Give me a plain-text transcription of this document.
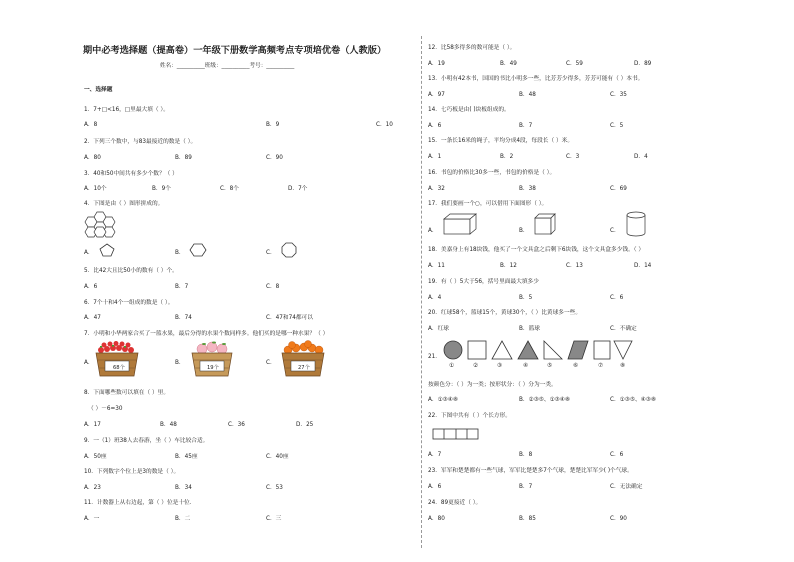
期中必考选择题（提高卷）一年级下册数学高频考点专项培优卷（人教版）
姓名：__________班级：__________考号：__________
一、选择题
1．7+□<16，□里最大填（ ）。
A．8	B．9	C．10
2．下列三个数中，与83最接近的数是（ ）。
A．80	B．89	C．90
3．40和50中间共有多少个数？（ ）
A．10个	B．9个	C．8个	D．7个
4．下图是由（ ）图形拼成的。
A．	B．	C．
5．比42大且比50小的数有（ ）个。
A．6	B．7	C．8
6．7个十和4个一组成的数是（ ）。
A．47	B．74	C．47和74都可以
7．小明和小华两家合买了一篮水果，最后分得的水果个数同样多。他们买的是哪一种水果？（ ）
A．
68个
B．
19个
C．
27个
8．下面哪些数可以填在（ ）里。
（ ）－6=30
A．17	B．48	C．36	D．25
9．一（1）班38人去春游，坐（ ）车比较合适。
A．50座	B．45座	C．40座
10．下列数字个位上是3的数是（ ）。
A．23	B．34	C．53
11．计数器上从右边起，第（ ）位是十位．
A．一	B．二	C．三
12．比58多得多的数可能是（ ）。
A．19	B．49	C．59	D．89
13．小明有42本书，国国的书比小明多一些，比芳芳少得多，芳芳可能有（ ）本书。
A．97	B．48	C．35
14．七巧板是由( )块板组成的。
A．6	B．7	C．5
15．一条长16米的绳子，平均分成4段，每段长（ ）米。
A．1	B．2	C．3	D．4
16．书包的价格比30多一些，书包的价格是（ ）。
A．32	B．38	C．69
17．我们要画一个○，可以借用下面图形（ ）。
A．	B．	C．
18．美嘉身上有18块钱，他买了一个文具盒之后剩下6块钱，这个文具盒多少钱。（ ）
A．11	B．12	C．13	D．14
19．有（ ）5大于56，括号里面最大填多少
A．4	B．5	C．6
20．红球58个，篮球15个，黄球30个，（ ）比黄球多一些。
A．红球	B．篮球	C．不确定
21．
①	②	③	④	⑤	⑥	⑦	⑧
按颜色分：（ ）为一类；按形状分：（ ）分为一类。
A．①③④⑧	B．②③⑤、①③④⑧	C．①③⑤、④③⑧
22．下图中共有（ ）个长方形。
A．7	B．8	C．6
23．军军和楚楚都有一些气球，军军比楚楚多7个气球，楚楚比军军少( )个气球。
A．6	B．7	C．无法确定
24．89更接近（ ）。
A．80	B．85	C．90
